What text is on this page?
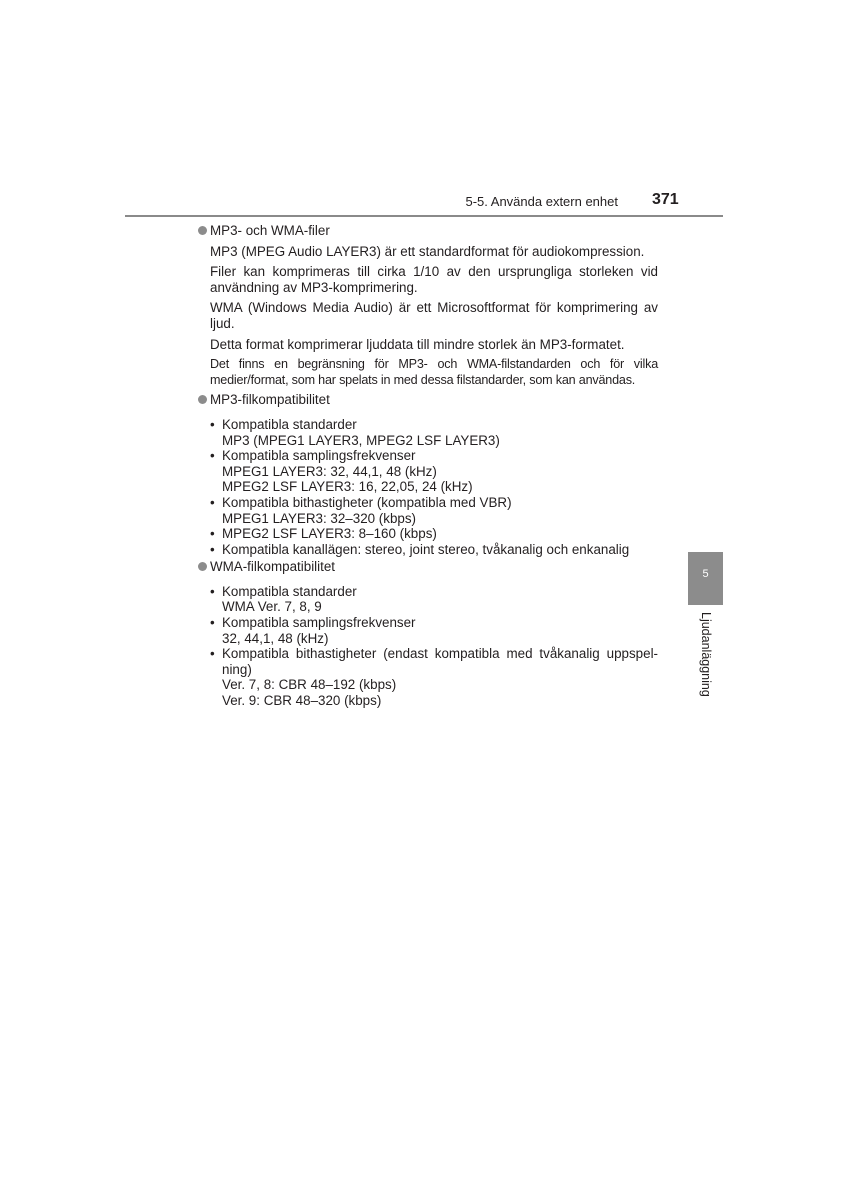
5-5. Använda extern enhet 371
MP3- och WMA-filer

MP3 (MPEG Audio LAYER3) är ett standardformat för audiokompression.

Filer kan komprimeras till cirka 1/10 av den ursprungliga storleken vid användning av MP3-komprimering.

WMA (Windows Media Audio) är ett Microsoftformat för komprimering av ljud.

Detta format komprimerar ljuddata till mindre storlek än MP3-formatet.

Det finns en begränsning för MP3- och WMA-filstandarden och för vilka medier/format, som har spelats in med dessa filstandarder, som kan användas.

MP3-filkompatibilitet
• Kompatibla standarder
MP3 (MPEG1 LAYER3, MPEG2 LSF LAYER3)
• Kompatibla samplingsfrekvenser
MPEG1 LAYER3: 32, 44,1, 48 (kHz)
MPEG2 LSF LAYER3: 16, 22,05, 24 (kHz)
• Kompatibla bithastigheter (kompatibla med VBR)
MPEG1 LAYER3: 32–320 (kbps)
• MPEG2 LSF LAYER3: 8–160 (kbps)
• Kompatibla kanallägen: stereo, joint stereo, tvåkanalig och enkanalig
WMA-filkompatibilitet
• Kompatibla standarder
WMA Ver. 7, 8, 9
• Kompatibla samplingsfrekvenser
32, 44,1, 48 (kHz)
• Kompatibla bithastigheter (endast kompatibla med tvåkanalig uppspel-ning)
Ver. 7, 8: CBR 48–192 (kbps)
Ver. 9: CBR 48–320 (kbps)
5
Ljudanläggning
